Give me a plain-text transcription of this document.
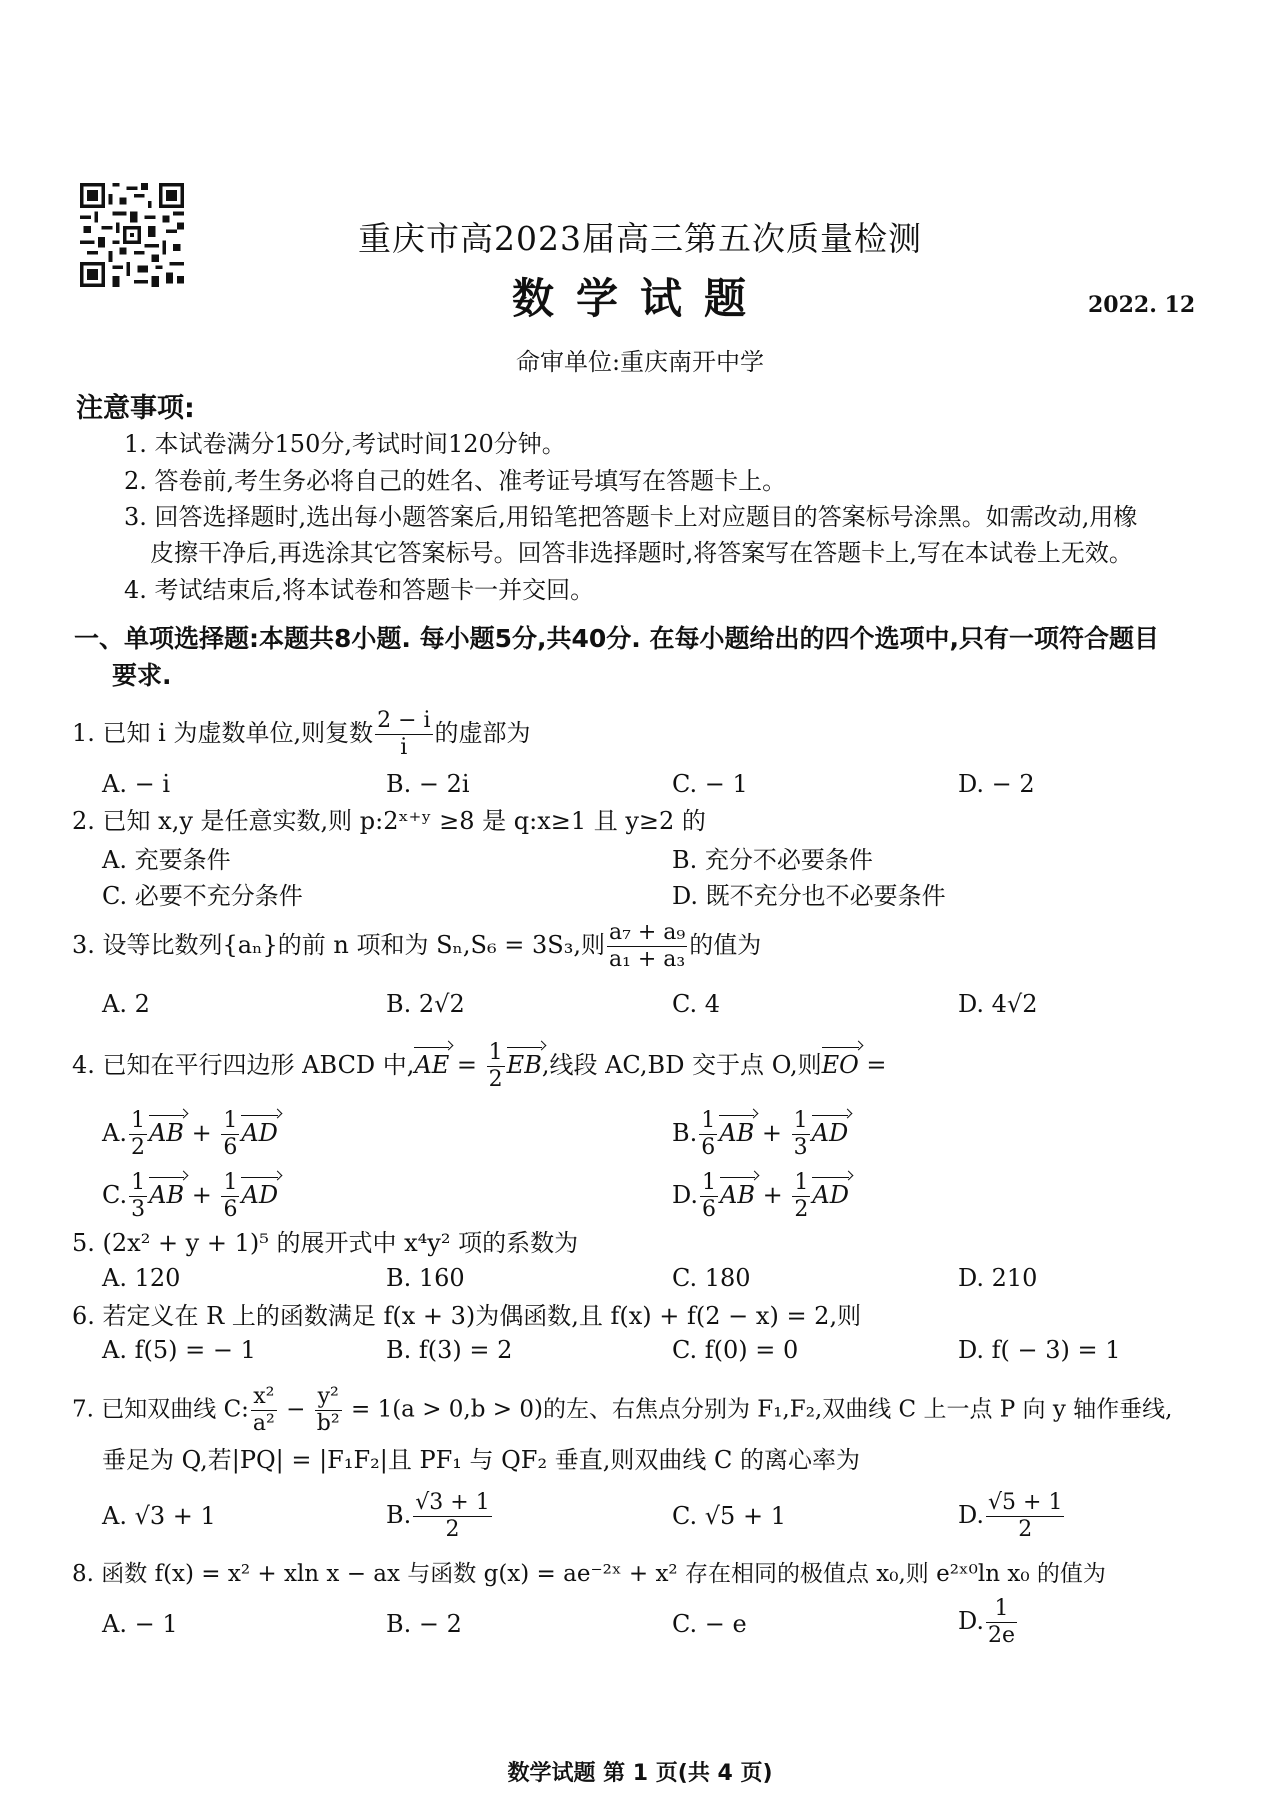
重庆市高2023届高三第五次质量检测
数学试题	2022. 12
命审单位:重庆南开中学
注意事项:
1. 本试卷满分150分,考试时间120分钟。
2. 答卷前,考生务必将自己的姓名、准考证号填写在答题卡上。
3. 回答选择题时,选出每小题答案后,用铅笔把答题卡上对应题目的答案标号涂黑。如需改动,用橡
皮擦干净后,再选涂其它答案标号。回答非选择题时,将答案写在答题卡上,写在本试卷上无效。
4. 考试结束后,将本试卷和答题卡一并交回。
一、单项选择题:本题共8小题. 每小题5分,共40分. 在每小题给出的四个选项中,只有一项符合题目
要求.
1. 已知 i 为虚数单位,则复数 $\frac{2 - i}{i}$ 的虚部为
A. − i	B. − 2i	C. − 1	D. − 2
2. 已知 x,y 是任意实数,则 p:2ˣ⁺ʸ ≥8 是 q:x≥1 且 y≥2 的
A. 充要条件	B. 充分不必要条件
C. 必要不充分条件	D. 既不充分也不必要条件
3. 设等比数列{aₙ}的前 n 项和为 Sₙ,S₆ = 3S₃,则 $\frac{\text{a₇ + a₉}}{\text{a₁ + a₃}}$ 的值为
A. 2	B. 2√2	C. 4	D. 4√2
4. 已知在平行四边形 ABCD 中$,AE = \frac{1}{2}$ EB,线段 AC,BD 交于点 O,则EO =
A. $\frac{1}{2}$ AB + $\frac{1}{6}$ AD	B. $\frac{1}{6}$ AB + $\frac{1}{3}$ AD
C. $\frac{1}{3}$ AB + $\frac{1}{6}$ AD	D. $\frac{1}{6}$ AB + $\frac{1}{2}$ AD
5. (2x² + y + 1)⁵ 的展开式中 x⁴y² 项的系数为
A. 120	B. 160	C. 180	D. 210
6. 若定义在 R 上的函数满足 f(x + 3)为偶函数,且 f(x) + f(2 − x) = 2,则
A. f(5) = − 1	B. f(3) = 2	C. f(0) = 0	D. f( − 3) = 1
7. 已知双曲线 C: $\frac{\text{x²}}{\text{a²}} - \frac{\text{y²}}{\text{b²}} = 1(a > 0,b > 0)$的左、右焦点分别为 F₁,F₂,双曲线 C 上一点 P 向 y 轴作垂线,
垂足为 Q,若|PQ| = |F₁F₂|且 PF₁ 与 QF₂ 垂直,则双曲线 C 的离心率为
A. √3 + 1	B. $\frac{√3 + 1}{2}$	C. √5 + 1	D. $\frac{√5 + 1}{2}$
8. 函数 f(x) = x² + xln x − ax 与函数 g(x) = ae⁻²ˣ + x² 存在相同的极值点 x₀,则 e²ˣ⁰ln x₀ 的值为
A. − 1	B. − 2	C. − e	D. $\frac{1}{2e}$
数学试题 第 1 页(共 4 页)
